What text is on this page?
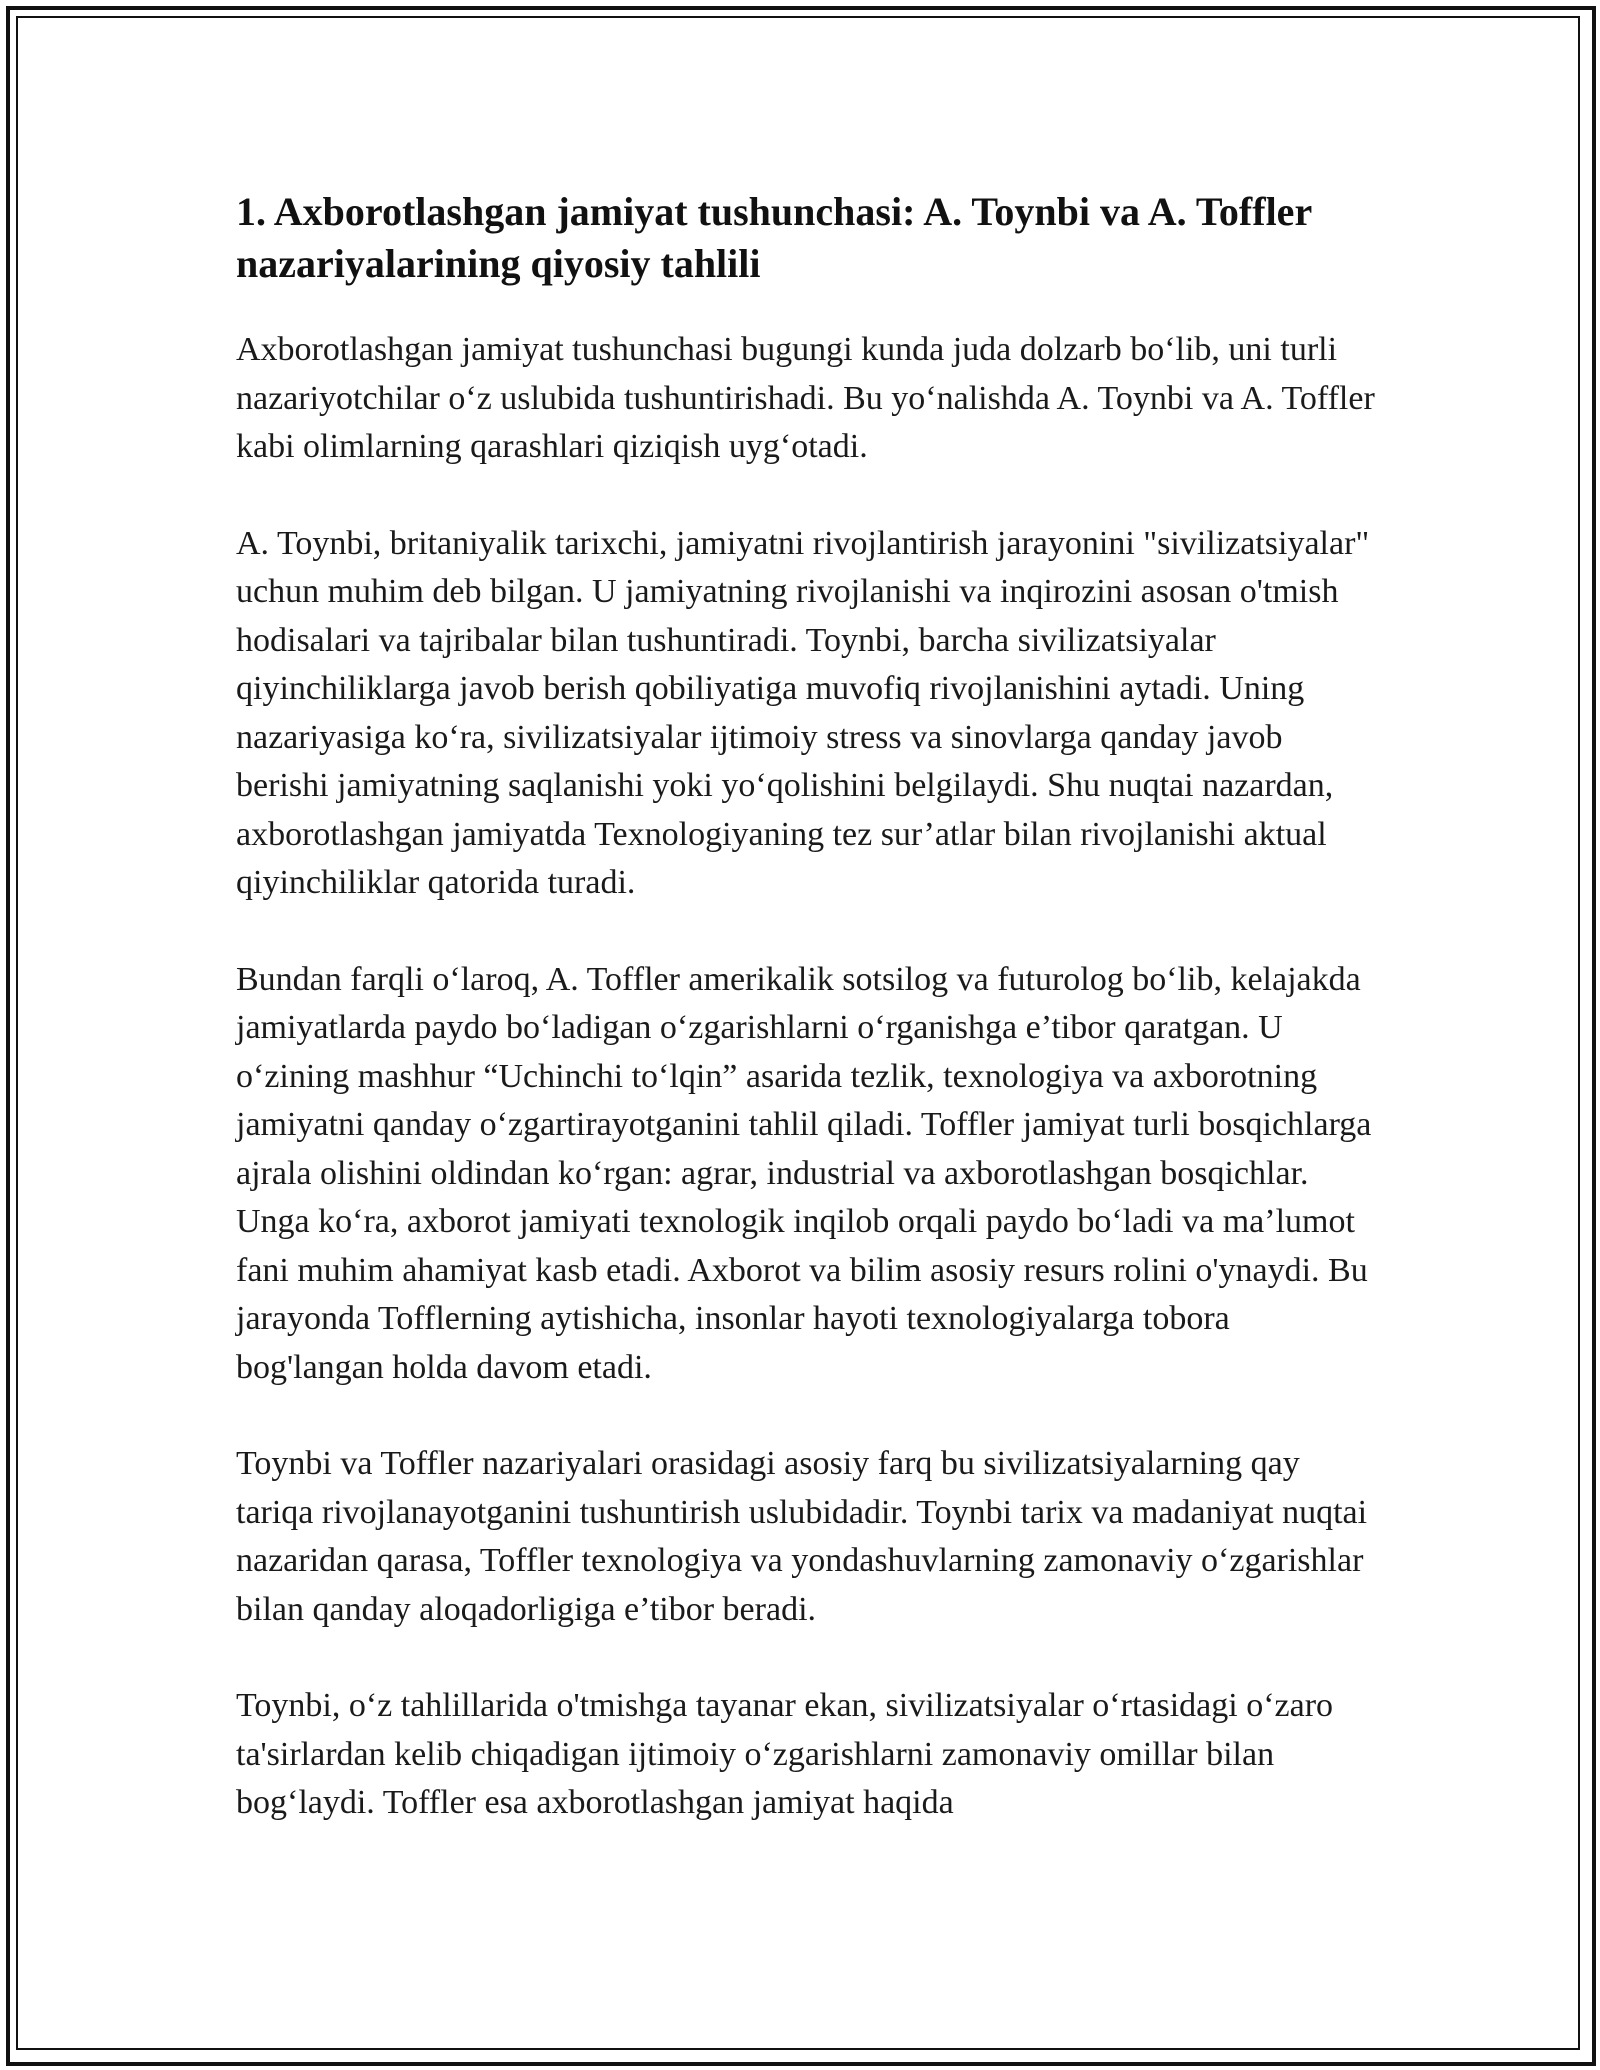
1. Axborotlashgan jamiyat tushunchasi: A. Toynbi va A. Toffler nazariyalarining qiyosiy tahlili

Axborotlashgan jamiyat tushunchasi bugungi kunda juda dolzarb bo‘lib, uni turli nazariyotchilar o‘z uslubida tushuntirishadi. Bu yo‘nalishda A. Toynbi va A. Toffler kabi olimlarning qarashlari qiziqish uyg‘otadi.

A. Toynbi, britaniyalik tarixchi, jamiyatni rivojlantirish jarayonini "sivilizatsiyalar" uchun muhim deb bilgan. U jamiyatning rivojlanishi va inqirozini asosan o'tmish hodisalari va tajribalar bilan tushuntiradi. Toynbi, barcha sivilizatsiyalar qiyinchiliklarga javob berish qobiliyatiga muvofiq rivojlanishini aytadi. Uning nazariyasiga ko‘ra, sivilizatsiyalar ijtimoiy stress va sinovlarga qanday javob berishi jamiyatning saqlanishi yoki yo‘qolishini belgilaydi. Shu nuqtai nazardan, axborotlashgan jamiyatda Texnologiyaning tez sur’atlar bilan rivojlanishi aktual qiyinchiliklar qatorida turadi.

Bundan farqli o‘laroq, A. Toffler amerikalik sotsilog va futurolog bo‘lib, kelajakda jamiyatlarda paydo bo‘ladigan o‘zgarishlarni o‘rganishga e’tibor qaratgan. U o‘zining mashhur “Uchinchi to‘lqin” asarida tezlik, texnologiya va axborotning jamiyatni qanday o‘zgartirayotganini tahlil qiladi. Toffler jamiyat turli bosqichlarga ajrala olishini oldindan ko‘rgan: agrar, industrial va axborotlashgan bosqichlar. Unga ko‘ra, axborot jamiyati texnologik inqilob orqali paydo bo‘ladi va ma’lumot fani muhim ahamiyat kasb etadi. Axborot va bilim asosiy resurs rolini o'ynaydi. Bu jarayonda Tofflerning aytishicha, insonlar hayoti texnologiyalarga tobora bog'langan holda davom etadi.

Toynbi va Toffler nazariyalari orasidagi asosiy farq bu sivilizatsiyalarning qay tariqa rivojlanayotganini tushuntirish uslubidadir. Toynbi tarix va madaniyat nuqtai nazaridan qarasa, Toffler texnologiya va yondashuvlarning zamonaviy o‘zgarishlar bilan qanday aloqadorligiga e’tibor beradi.

Toynbi, o‘z tahlillarida o'tmishga tayanar ekan, sivilizatsiyalar o‘rtasidagi o‘zaro ta'sirlardan kelib chiqadigan ijtimoiy o‘zgarishlarni zamonaviy omillar bilan bog‘laydi. Toffler esa axborotlashgan jamiyat haqida
